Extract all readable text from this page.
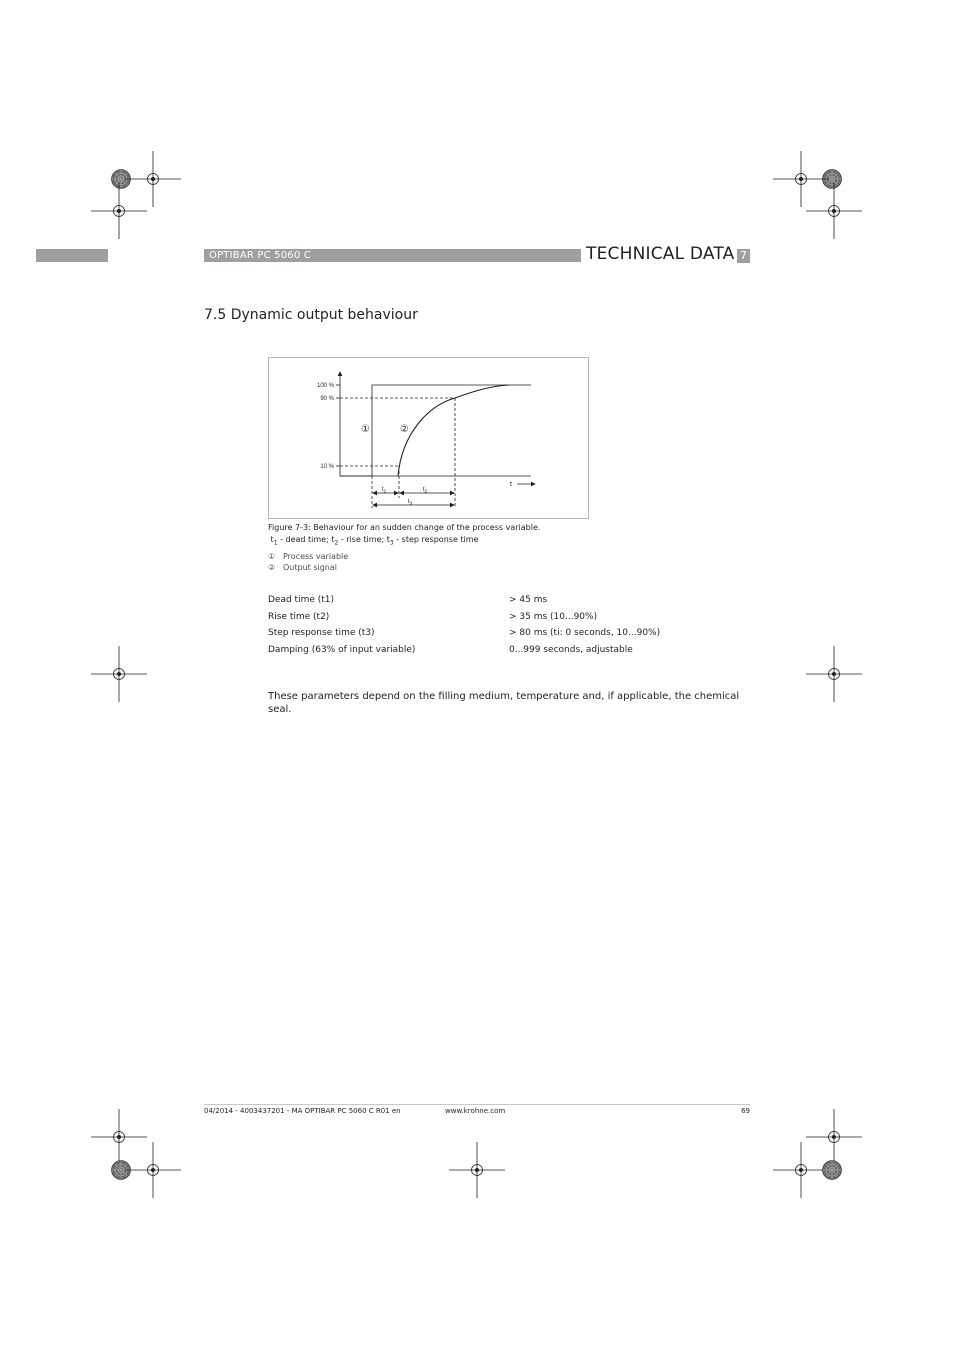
OPTIBAR PC 5060 C	TECHNICAL DATA 7
7.5 Dynamic output behaviour
100 %
90 %
10 %
①	②
$t_1$	$t_2$
$t_3$
t
Figure 7-3: Behaviour for an sudden change of the process variable.
$t_1$ - dead time; $t_2$ - rise time; $t_3$ - step response time
① Process variable
② Output signal
Dead time (t1)	> 45 ms
Rise time (t2)	> 35 ms (10...90%)
Step response time (t3)	> 80 ms (ti: 0 seconds, 10...90%)
Damping (63% of input variable)	0...999 seconds, adjustable
These parameters depend on the filling medium, temperature and, if applicable, the chemical seal.
04/2014 - 4003437201 - MA OPTIBAR PC 5060 C R01 en	www.krohne.com	69
